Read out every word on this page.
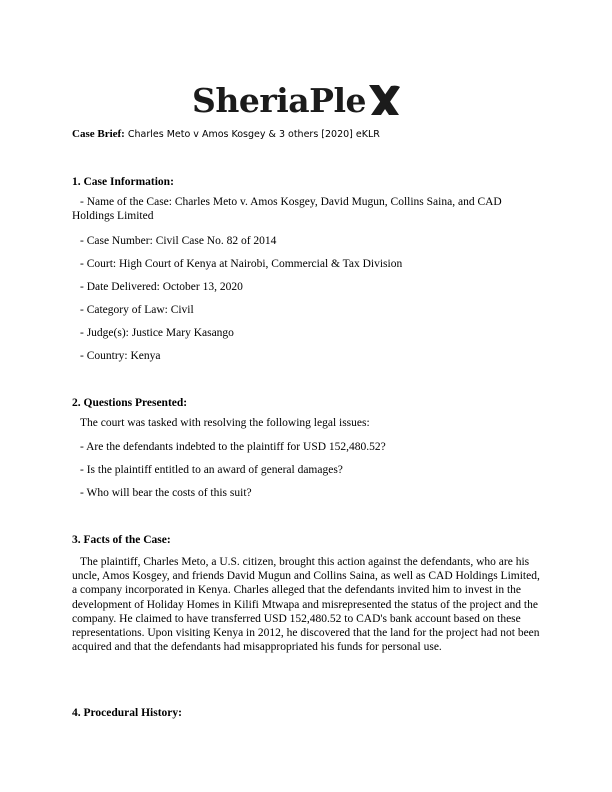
SheriaPle
Case Brief: Charles Meto v Amos Kosgey & 3 others [2020] eKLR
1. Case Information:
- Name of the Case: Charles Meto v. Amos Kosgey, David Mugun, Collins Saina, and CAD
Holdings Limited
- Case Number: Civil Case No. 82 of 2014
- Court: High Court of Kenya at Nairobi, Commercial & Tax Division
- Date Delivered: October 13, 2020
- Category of Law: Civil
- Judge(s): Justice Mary Kasango
- Country: Kenya
2. Questions Presented:
The court was tasked with resolving the following legal issues:
- Are the defendants indebted to the plaintiff for USD 152,480.52?
- Is the plaintiff entitled to an award of general damages?
- Who will bear the costs of this suit?
3. Facts of the Case:
The plaintiff, Charles Meto, a U.S. citizen, brought this action against the defendants, who are his uncle, Amos Kosgey, and friends David Mugun and Collins Saina, as well as CAD Holdings Limited, a company incorporated in Kenya. Charles alleged that the defendants invited him to invest in the development of Holiday Homes in Kilifi Mtwapa and misrepresented the status of the project and the company. He claimed to have transferred USD 152,480.52 to CAD's bank account based on these representations. Upon visiting Kenya in 2012, he discovered that the land for the project had not been acquired and that the defendants had misappropriated his funds for personal use.
4. Procedural History:
